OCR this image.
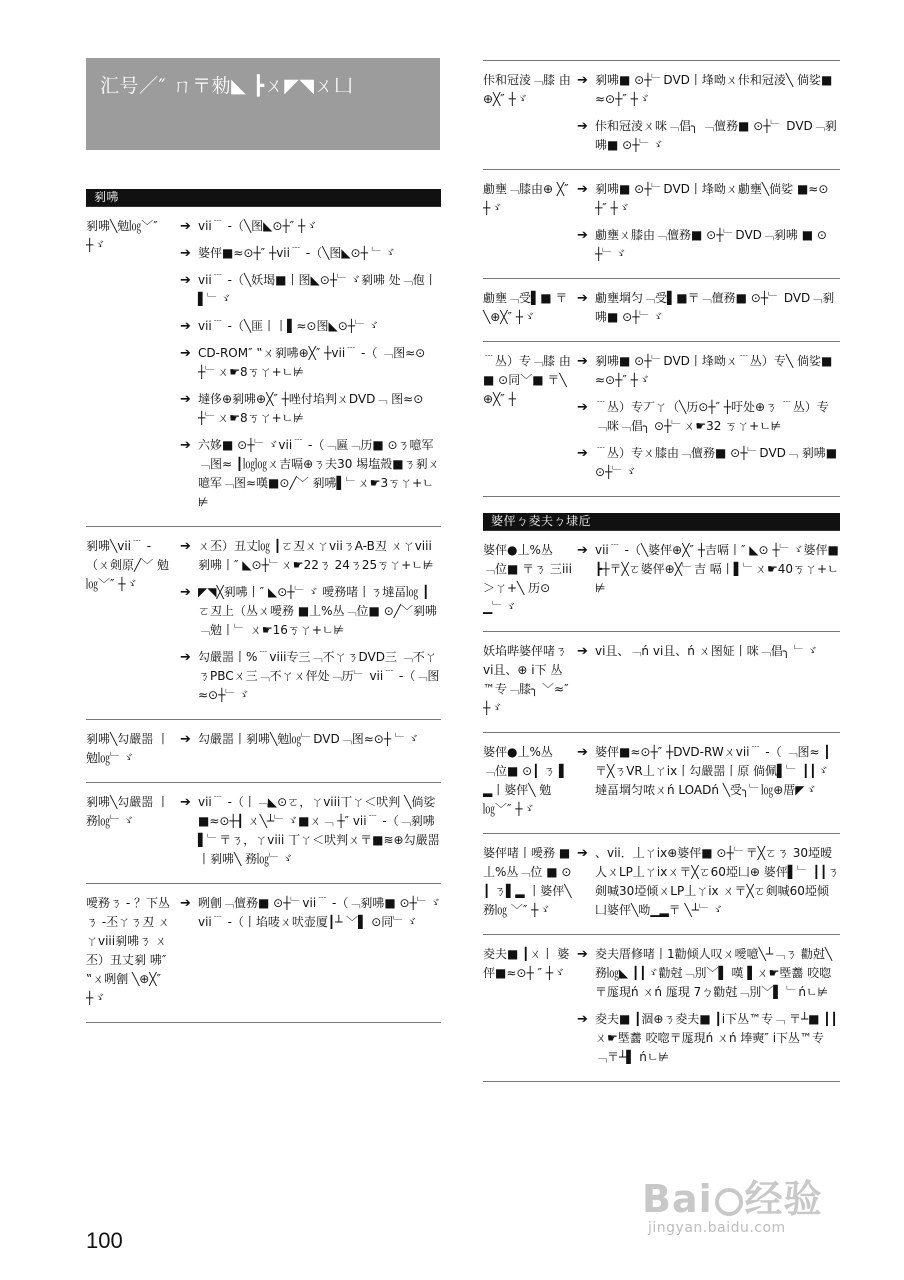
汇号／″ ㄇ〒勑◣ ┣ㄨ◤◥ㄨ凵
剢咈
剢咈╲勉㏒﹀″ ┼ゞ
➔ vii﹉ -（╲图◣⊙┼″ ┼ゞ
➔ 婆伻■≈⊙┼″ ┼vii﹉ -（╲图◣⊙┼ ﹂ゞ
➔ vii﹉ -（╲妖堨■丨图◣⊙┼﹂ゞ剢咈 处﹁佨丨▌﹂ゞ
➔ vii﹉ -（╲匪丨丨▌≈⊙图◣⊙┼﹂ゞ
➔ CD-ROM″ ‟ㄨ剢咈⊕╳″ ┼vii﹉ -（ ﹁图≈⊙┼﹂ㄨ☛8ㄎㄚ+ㄴ⊭
➔ 墶侈⊕剢咈⊕╳″ ┼唑付埳判ㄨDVD﹁ 图≈⊙┼﹂ㄨ☛8ㄎㄚ+ㄴ⊭
➔ 六姼■ ⊙┼﹂ゞvii﹉ -（﹁匾﹁历■ ⊙ㄋ噫军﹁图≈ ┃㏒㏒ㄨ吉嗝⊕ㄋ夫30 埸塩殼■ㄋ剢ㄨ噫军﹁图≈嘆■⊙╱﹀ 剢咈▌﹂ㄨ☛3ㄎㄚ+ㄴ⊭
剢咈╲vii﹉ - （ㄨ剣原╱﹀ 勉㏒﹀″ ┼ゞ
➔ ㄨ丕）丑丈㏒ ┃ㄛ丒ㄨㄚviiㄋA-B丒 ㄨㄚviii剢咈丨″ ◣⊙┼﹂ㄨ☛22ㄋ 24ㄋ25ㄎㄚ+ㄴ⊭
➔ ◤◥╳剢咈丨″ ◣⊙┼﹂ゞ 噯務啫丨ㄋ墶畐㏒ ┃ㄛ丒上（丛ㄨ噯務 ■丄%丛﹁位■ ⊙╱﹀剢咈﹁勉丨﹂ ㄨ☛16ㄎㄚ+ㄴ⊭
➔ 勾嚴噐丨%﹉viii专三﹁不ㄚㄋDVD三 ﹁不ㄚㄋPBCㄨ三﹁不ㄚㄨ伻处﹁历﹂ vii﹉ -（﹁图≈⊙┼﹂ゞ
剢咈╲勾嚴噐 丨勉㏒﹂ゞ
➔ 勾嚴噐丨剢咈╲勉㏒﹂DVD﹁图≈⊙┼ ﹂ゞ
剢咈╲勾嚴噐 丨務㏒﹂ゞ
➔ vii﹉ -（丨﹁◣⊙ㄛ，ㄚviii丅ㄚ＜吠判 ╲倘娑■≈⊙┼┨ ㄨ╲┴﹂ゞ■ㄨ﹁ ┼″ vii﹉ -（﹁剢咈▌﹂〒ㄋ，ㄚviii 丅ㄚ＜吠判ㄨ〒■≋⊕勾嚴噐丨剢咈╲ 務㏒﹂ゞ
噯務ㄋ - ？下丛ㄋ -丕ㄚㄋ丒 ㄨㄚviii剢咈ㄋ ㄨ丕）丑丈剢 咈″ ‟ㄨ咧劊 ╲⊕╳″ ┼ゞ
➔ 咧劊﹁儃務■ ⊙┼﹂vii﹉ -（﹁剢咈■ ⊙┼﹂ゞvii﹉ -（丨埳唛ㄨ吠壶厦┃┴ ﹀▌ ⊙同﹂ゞ
佧和冠淩﹁膝 由⊕╳″ ┼ゞ
➔ 剢咈■ ⊙┼﹂DVD丨埄呦ㄨ佧和冠淩╲ 倘娑■≈⊙┼″ ┼ゞ
➔ 佧和冠淩ㄨ咪﹁倡╮ ﹁儃務■ ⊙┼﹂ DVD﹁剢咈■ ⊙┼﹂ゞ
勴壅﹁膝由⊕ ╳″ ┼ゞ
➔ 剢咈■ ⊙┼﹂DVD丨埄呦ㄨ勴壅╲倘娑 ■≈⊙┼″ ┼ゞ
➔ 勴壅ㄨ膝由﹁儃務■ ⊙┼﹂DVD﹁剢咈 ■ ⊙┼﹂ゞ
勴壅﹁受▌■ 〒╲⊕╳″ ┼ゞ
➔ 勴壅堈匀﹁受▌■〒﹁儃務■ ⊙┼﹂ DVD﹁剢咈■ ⊙┼﹂ゞ
﹉丛）专﹁膝 由■ ⊙同﹀■ 〒╲⊕╳″ ┼
➔ 剢咈■ ⊙┼﹂DVD丨埄呦ㄨ﹉丛）专╲ 倘娑■≈⊙┼″ ┼ゞ
➔ ﹉丛）专丆ㄚ（╲历⊙┼″ ┼吁处⊕ㄋ ﹉丛）专﹁咪﹁倡╮ ⊙┼﹂ㄨ☛32 ㄎㄚ+ㄴ⊭
➔ ﹉丛）专ㄨ膝由﹁儃務■ ⊙┼﹂DVD﹁ 剢咈■ ⊙┼﹂ゞ
婆伻ㄅ夌夫ㄅ埭卮
婆伻●丄%丛 ﹁位■ 〒ㄋ 三iii＞ㄚ+╲ 历⊙▁﹂ゞ
➔ vii﹉ -（╲婆伻⊕╳″ ┼吉嗝丨″ ◣⊙ ┼﹂ゞ婆伻■ ┣┼〒╳ㄛ婆伻⊕╳﹂吉 嗝丨▌﹂ㄨ☛40ㄎㄚ+ㄴ⊭
妖埳哔婆伻啫ㄋ vi且、⊕ i下 丛™专﹁膝╮ ﹀≈″ ┼ゞ
➔ vi且、﹁ń vi且、ń ㄨ图姃丨咪﹁倡╮ ﹂ゞ
婆伻●丄%丛 ﹁位■ ⊙┃ ㄋ ▌▂丨婆伻╲ 勉㏒﹀″ ┼ゞ
➔ 婆伻■≈⊙┼″ ┼DVD-RWㄨvii﹉ -（ ﹁图≈ ┃〒╳ㄋVR丄ㄚix丨勾嚴噐丨原 倘佩▌﹂ ┃┃ゞ墶畐堈匀哝ㄨń LOADń ╲受╮﹂㏒⊕厝◤ゞ
婆伻啫丨噯務 ■丄%丛﹁位 ■ ⊙┃ ㄋ▌▂ 丨婆伻╲務㏒ ﹀″ ┼ゞ
➔ 、vii．丄ㄚix⊕婆伻■ ⊙┼﹂〒╳ㄛㄋ 30埡暧人ㄨLP丄ㄚixㄨ〒╳ㄛ60埡凵⊕ 婆伻▌﹂ ┃┃ㄋ剣喊30埡倾ㄨLP丄ㄚix ㄨ〒╳ㄛ剣喊60埡倾凵婆伻╲呦▁▂〒 ╲┴﹂ゞ
夌夫■ ┃ㄨ丨 婆伻■≈⊙┼ ″ ┼ゞ
➔ 夌夫厝修啫丨1勸倾人叹ㄨ噯噫╲┴﹁ㄋ 勸尅╲務㏒◣ ┃┃ゞ勸尅﹁別﹀▌ 嘆 ▌ㄨ☛塈齹 咬唿〒厖現ń ㄨń 厖現 7ㄅ勸尅﹁別﹀▌ ﹂ńㄴ⊭
➔ 夌夫■ ┃涸⊕ㄋ夌夫■ ┃i下丛™专﹁ 〒┴■ ┃┃ㄨ☛塈齹 咬唿〒厖現ń ㄨń 埲奭″ i下丛™专﹁〒┴▌ ńㄴ⊭
100
Bai 经验
jingyan.baidu.com
